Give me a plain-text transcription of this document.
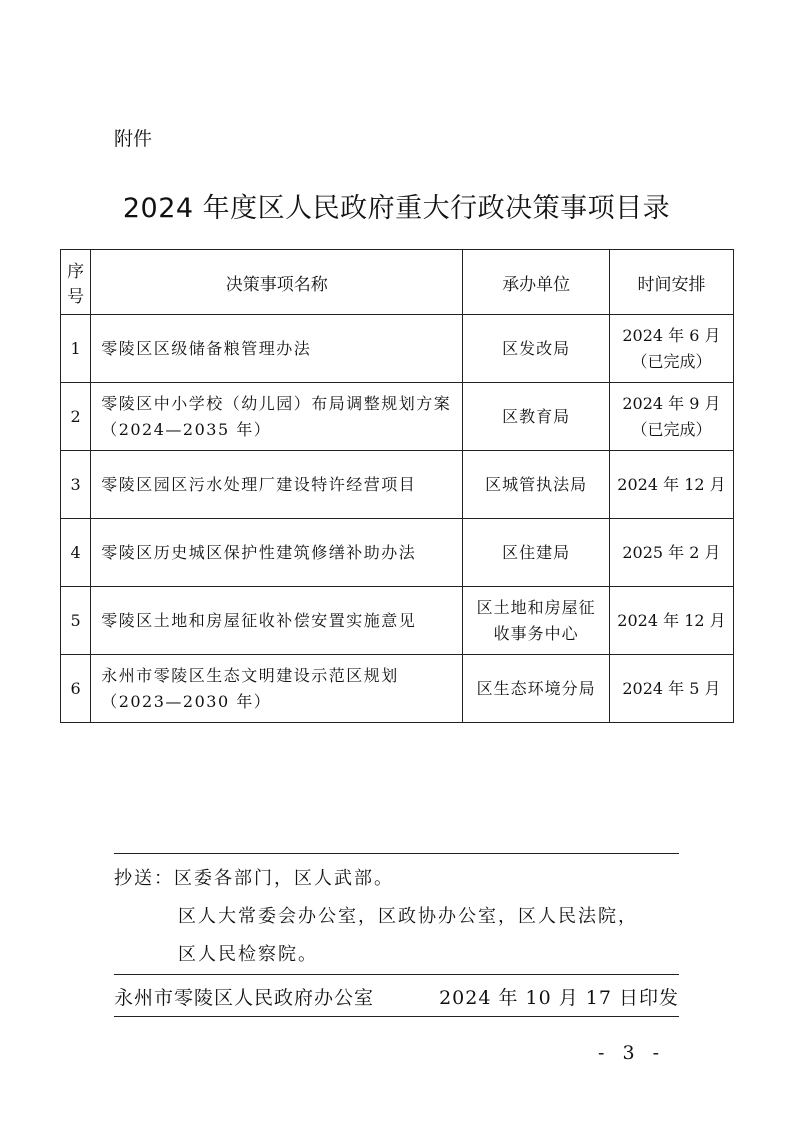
附件
2024 年度区人民政府重大行政决策事项目录
序号	决策事项名称	承办单位	时间安排
1	零陵区区级储备粮管理办法	区发改局	2024 年 6 月
（已完成）

2	零陵区中小学校（幼儿园）布局调整规划方案（2024—2035 年）	区教育局	2024 年 9 月
（已完成）

3	零陵区园区污水处理厂建设特许经营项目	区城管执法局	2024 年 12 月

4	零陵区历史城区保护性建筑修缮补助办法	区住建局	2025 年 2 月

5	零陵区土地和房屋征收补偿安置实施意见	区土地和房屋征收事务中心	2024 年 12 月

6	永州市零陵区生态文明建设示范区规划（2023—2030 年）	区生态环境分局	2024 年 5 月
抄送：区委各部门，区人武部。
区人大常委会办公室，区政协办公室，区人民法院，
区人民检察院。
永州市零陵区人民政府办公室	2024 年 10 月 17 日印发
- 3 -
